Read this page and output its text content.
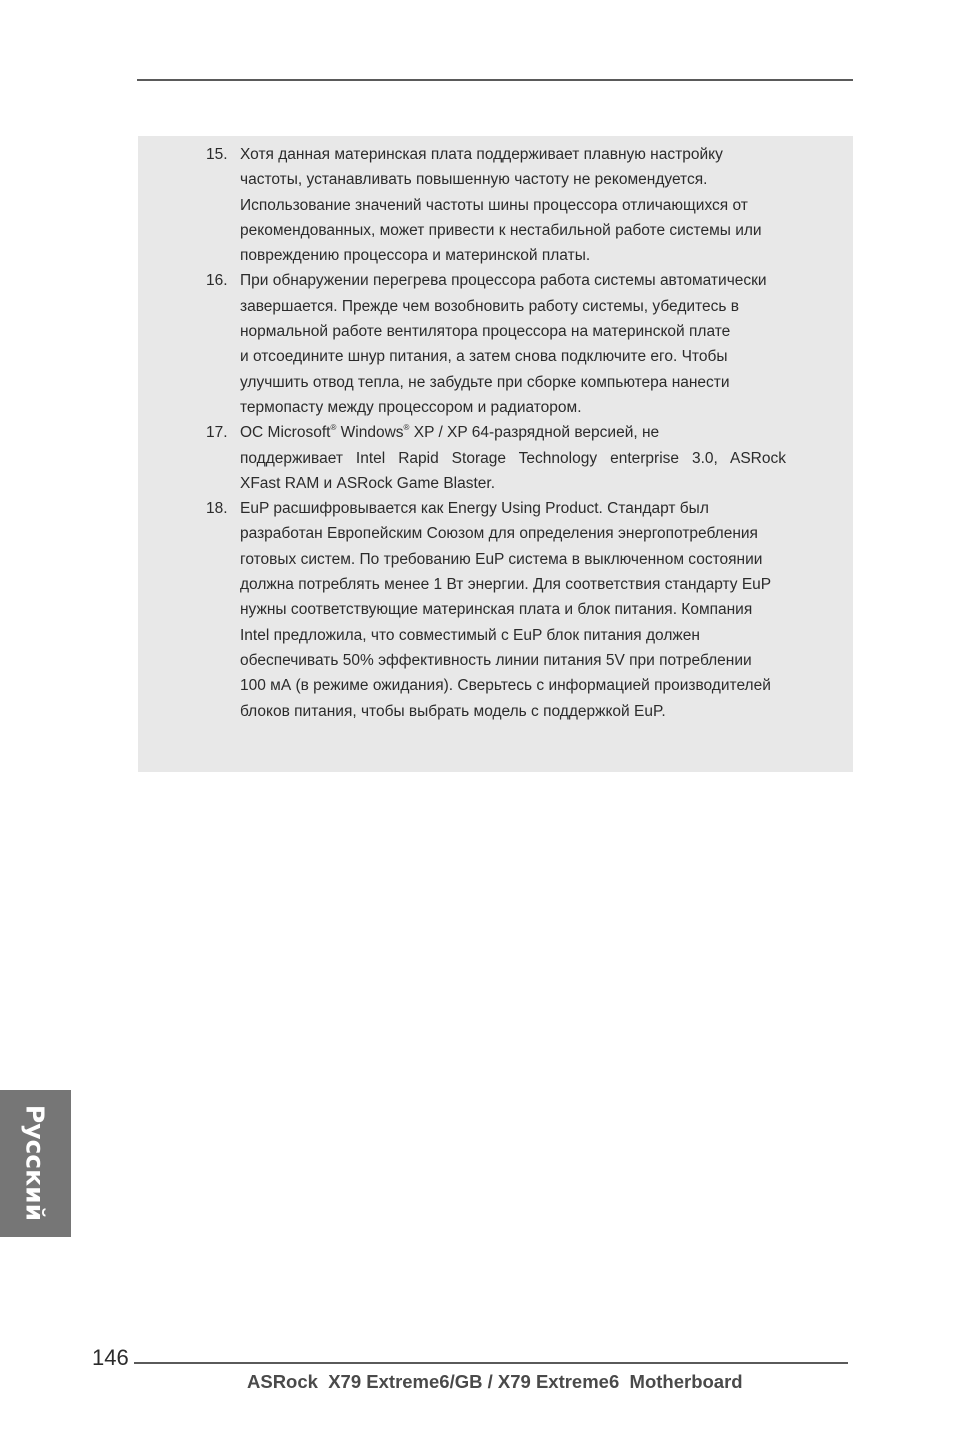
15. Хотя данная материнская плата поддерживает плавную настройку
частоты, устанавливать повышенную частоту не рекомендуется.
Использование значений частоты шины процессора отличающихся от
рекомендованных, может привести к нестабильной работе системы или
повреждению процессора и материнской платы.
16. При обнаружении перегрева процессора работа системы автоматически
завершается. Прежде чем возобновить работу системы, убедитесь в
нормальной работе вентилятора процессора на материнской плате
и отсоедините шнур питания, а затем снова подключите его. Чтобы
улучшить отвод тепла, не забудьте при сборке компьютера нанести
термопасту между процессором и радиатором.
17. OC Microsoft® Windows® XP / XP 64-разрядной версией, не
поддерживает Intel Rapid Storage Technology enterprise 3.0, ASRock
XFast RAM и ASRock Game Blaster.
18. EuP расшифровывается как Energy Using Product. Стандарт был
разработан Европейским Союзом для определения энергопотребления
готовых систем. По требованию EuP система в выключенном состоянии
должна потреблять менее 1 Вт энергии. Для соответствия стандарту EuP
нужны соответствующие материнская плата и блок питания. Компания
Intel предложила, что совместимый с EuP блок питания должен
обеспечивать 50% эффективность линии питания 5V при потреблении
100 мА (в режиме ожидания). Сверьтесь с информацией производителей
блоков питания, чтобы выбрать модель с поддержкой EuP.
Русский
146
ASRock  X79 Extreme6/GB / X79 Extreme6  Motherboard
